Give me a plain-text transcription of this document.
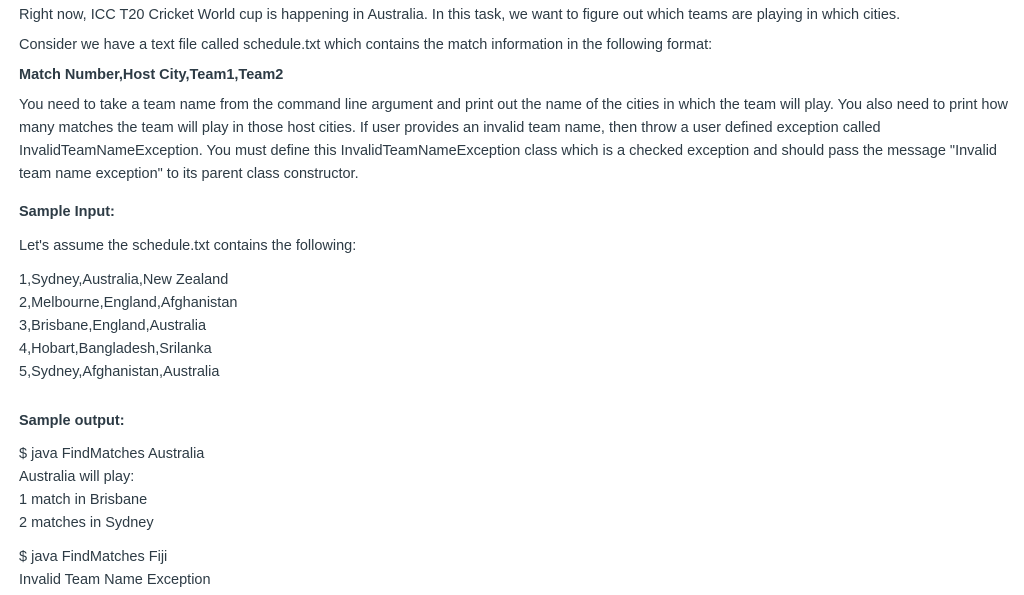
Right now, ICC T20 Cricket World cup is happening in Australia. In this task, we want to figure out which teams are playing in which cities.

Consider we have a text file called schedule.txt which contains the match information in the following format:

Match Number,Host City,Team1,Team2

You need to take a team name from the command line argument and print out the name of the cities in which the team will play. You also need to print how many matches the team will play in those host cities. If user provides an invalid team name, then throw a user defined exception called InvalidTeamNameException. You must define this InvalidTeamNameException class which is a checked exception and should pass the message "Invalid team name exception" to its parent class constructor.

Sample Input:

Let's assume the schedule.txt contains the following:

1,Sydney,Australia,New Zealand
2,Melbourne,England,Afghanistan
3,Brisbane,England,Australia
4,Hobart,Bangladesh,Srilanka
5,Sydney,Afghanistan,Australia

Sample output:

$ java FindMatches Australia
Australia will play:
1 match in Brisbane
2 matches in Sydney
$ java FindMatches Fiji
Invalid Team Name Exception
